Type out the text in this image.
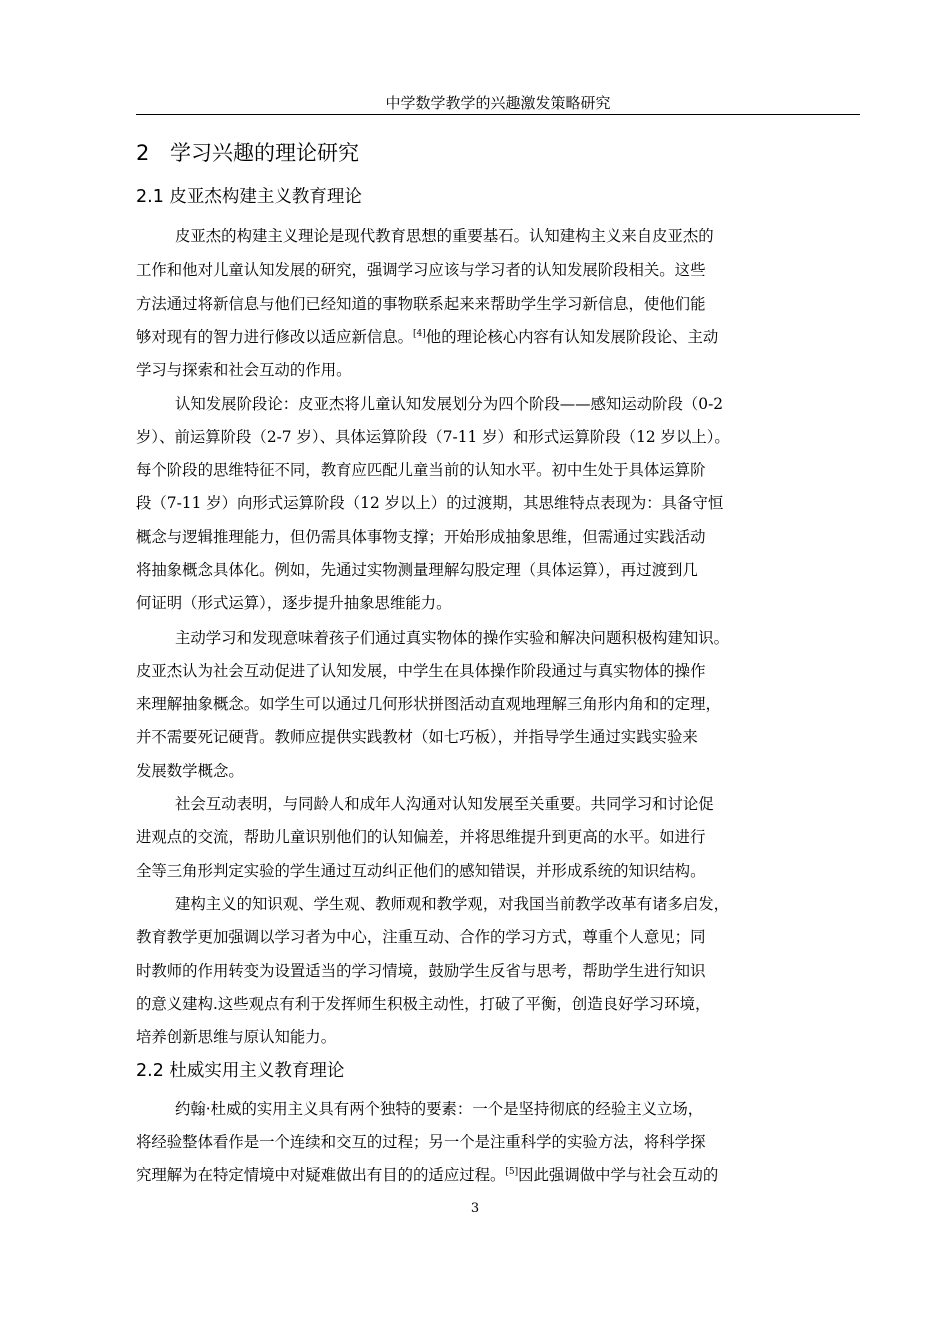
中学数学教学的兴趣激发策略研究
2 学习兴趣的理论研究
2.1 皮亚杰构建主义教育理论
皮亚杰的构建主义理论是现代教育思想的重要基石。认知建构主义来自皮亚杰的
工作和他对儿童认知发展的研究，强调学习应该与学习者的认知发展阶段相关。这些
方法通过将新信息与他们已经知道的事物联系起来来帮助学生学习新信息，使他们能
够对现有的智力进行修改以适应新信息。[4]他的理论核心内容有认知发展阶段论、主动
学习与探索和社会互动的作用。
认知发展阶段论：皮亚杰将儿童认知发展划分为四个阶段——感知运动阶段（0-2
岁）、前运算阶段（2-7 岁）、具体运算阶段（7-11 岁）和形式运算阶段（12 岁以上）。
每个阶段的思维特征不同，教育应匹配儿童当前的认知水平。初中生处于具体运算阶
段（7-11 岁）向形式运算阶段（12 岁以上）的过渡期，其思维特点表现为：具备守恒
概念与逻辑推理能力，但仍需具体事物支撑；开始形成抽象思维，但需通过实践活动
将抽象概念具体化。例如，先通过实物测量理解勾股定理（具体运算），再过渡到几
何证明（形式运算），逐步提升抽象思维能力。
主动学习和发现意味着孩子们通过真实物体的操作实验和解决问题积极构建知识。
皮亚杰认为社会互动促进了认知发展，中学生在具体操作阶段通过与真实物体的操作
来理解抽象概念。如学生可以通过几何形状拼图活动直观地理解三角形内角和的定理，
并不需要死记硬背。教师应提供实践教材（如七巧板），并指导学生通过实践实验来
发展数学概念。
社会互动表明，与同龄人和成年人沟通对认知发展至关重要。共同学习和讨论促
进观点的交流，帮助儿童识别他们的认知偏差，并将思维提升到更高的水平。如进行
全等三角形判定实验的学生通过互动纠正他们的感知错误，并形成系统的知识结构。
建构主义的知识观、学生观、教师观和教学观，对我国当前教学改革有诸多启发，
教育教学更加强调以学习者为中心，注重互动、合作的学习方式，尊重个人意见；同
时教师的作用转变为设置适当的学习情境，鼓励学生反省与思考，帮助学生进行知识
的意义建构.这些观点有利于发挥师生积极主动性，打破了平衡，创造良好学习环境，
培养创新思维与原认知能力。
2.2 杜威实用主义教育理论
约翰·杜威的实用主义具有两个独特的要素：一个是坚持彻底的经验主义立场，
将经验整体看作是一个连续和交互的过程；另一个是注重科学的实验方法，将科学探
究理解为在特定情境中对疑难做出有目的的适应过程。[5]因此强调做中学与社会互动的
3
